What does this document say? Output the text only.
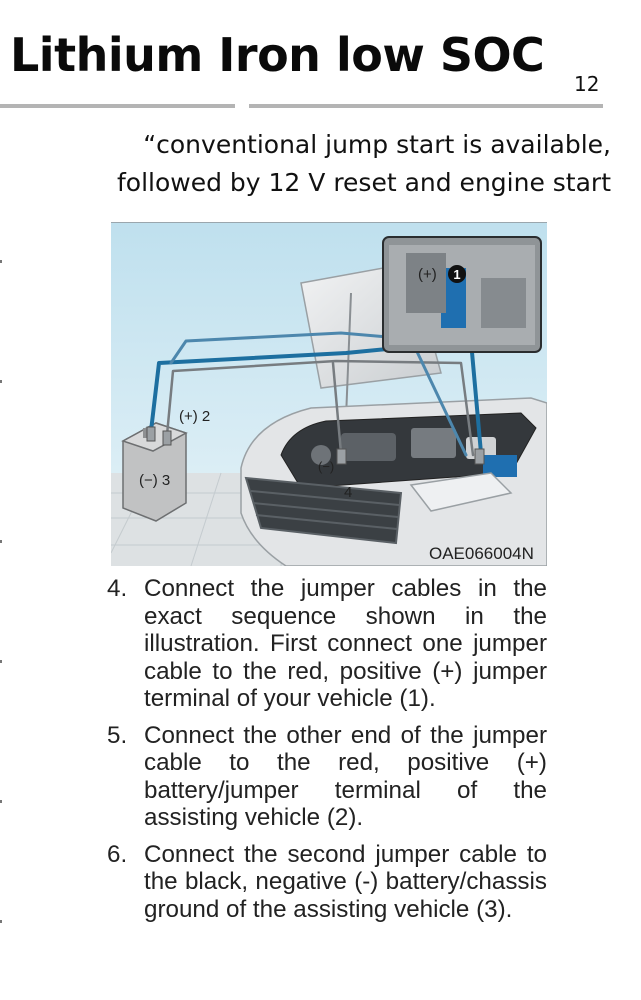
Lithium Iron low SOC
12
“conventional jump start is available,
followed by 12 V reset and engine start
(+) 1
(+) 2
(−) 3
(−)
4
OAE066004N
4. Connect the jumper cables in the exact sequence shown in the illustration. First connect one jumper cable to the red, positive (+) jumper terminal of your vehicle (1).
5. Connect the other end of the jumper cable to the red, positive (+) battery/jumper terminal of the assisting vehicle (2).
6. Connect the second jumper cable to the black, negative (-) battery/chassis ground of the assisting vehicle (3).
